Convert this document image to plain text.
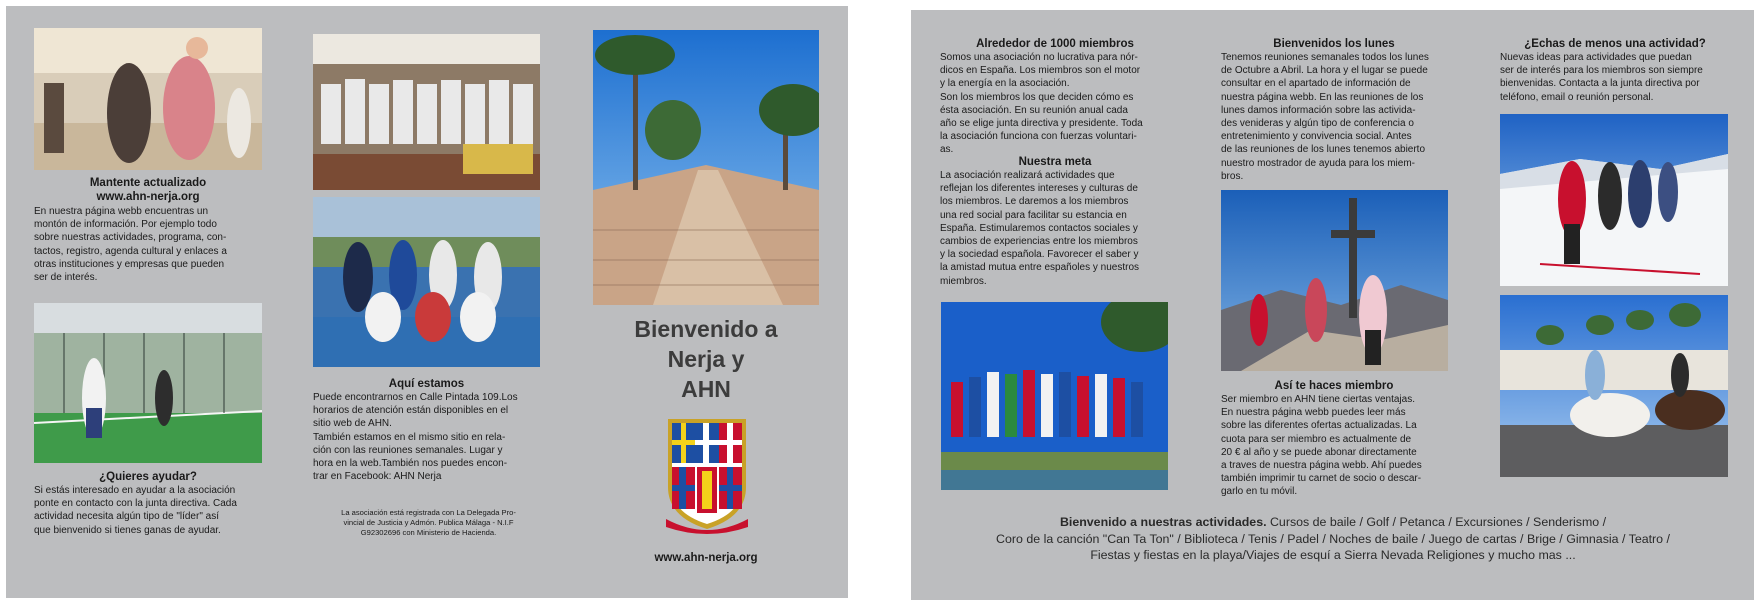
Mantente actualizado
www.ahn-nerja.org
En nuestra página webb encuentras un
montón de información. Por ejemplo todo
sobre nuestras actividades, programa, con-
tactos, registro, agenda cultural y enlaces a
otras instituciones y empresas que pueden
ser de interés.
¿Quieres ayudar?
Si estás interesado en ayudar a la asociación
ponte en contacto con la junta directiva. Cada
actividad necesita algún tipo de "líder" así
que bienvenido si tienes ganas de ayudar.
Aquí estamos
Puede encontrarnos en Calle Pintada 109.Los
horarios de atención están disponibles en el
sitio web de AHN.
También estamos en el mismo sitio en rela-
ción con las reuniones semanales. Lugar y
hora en la web.También nos puedes encon-
trar en Facebook: AHN Nerja
La asociación está registrada con La Delegada Pro-
vincial de Justicia y Admón. Publica Málaga - N.I.F
G92302696 con Ministerio de Hacienda.
Bienvenido a
Nerja y
AHN
www.ahn-nerja.org
Alrededor de 1000 miembros
Somos una asociación no lucrativa para nór-
dicos en España. Los miembros son el motor
y la energía en la asociación.
Son los miembros los que deciden cómo es
ésta asociación. En su reunión anual cada
año se elige junta directiva y presidente. Toda
la asociación funciona con fuerzas voluntari-
as.
Nuestra meta
La asociación realizará actividades que
reflejan los diferentes intereses y culturas de
los miembros. Le daremos a los miembros
una red social para facilitar su estancia en
España. Estimularemos contactos sociales y
cambios de experiencias entre los miembros
y la sociedad española. Favorecer el saber y
la amistad mutua entre españoles y nuestros
miembros.
Bienvenidos los lunes
Tenemos reuniones semanales todos los lunes
de Octubre a Abril. La hora y el lugar se puede
consultar en el apartado de información de
nuestra página webb. En las reuniones de los
lunes damos información sobre las activida-
des venideras y algún tipo de conferencia o
entretenimiento y convivencia social. Antes
de las reuniones de los lunes tenemos abierto
nuestro mostrador de ayuda para los miem-
bros.
Así te haces miembro
Ser miembro en AHN tiene ciertas ventajas.
En nuestra página webb puedes leer más
sobre las diferentes ofertas actualizadas. La
cuota para ser miembro es actualmente de
20 € al año y se puede abonar directamente
a traves de nuestra página webb. Ahí puedes
también imprimir tu carnet de socio o descar-
garlo en tu móvil.
¿Echas de menos una actividad?
Nuevas ideas para actividades que puedan
ser de interés para los miembros son siempre
bienvenidas. Contacta a la junta directiva por
teléfono, email o reunión personal.
Bienvenido a nuestras actividades. Cursos de baile / Golf / Petanca / Excursiones / Senderismo /
Coro de la canción "Can Ta Ton" / Biblioteca / Tenis / Padel / Noches de baile / Juego de cartas / Brige / Gimnasia / Teatro /
Fiestas y fiestas en la playa/Viajes de esquí a Sierra Nevada Religiones y mucho mas ...
